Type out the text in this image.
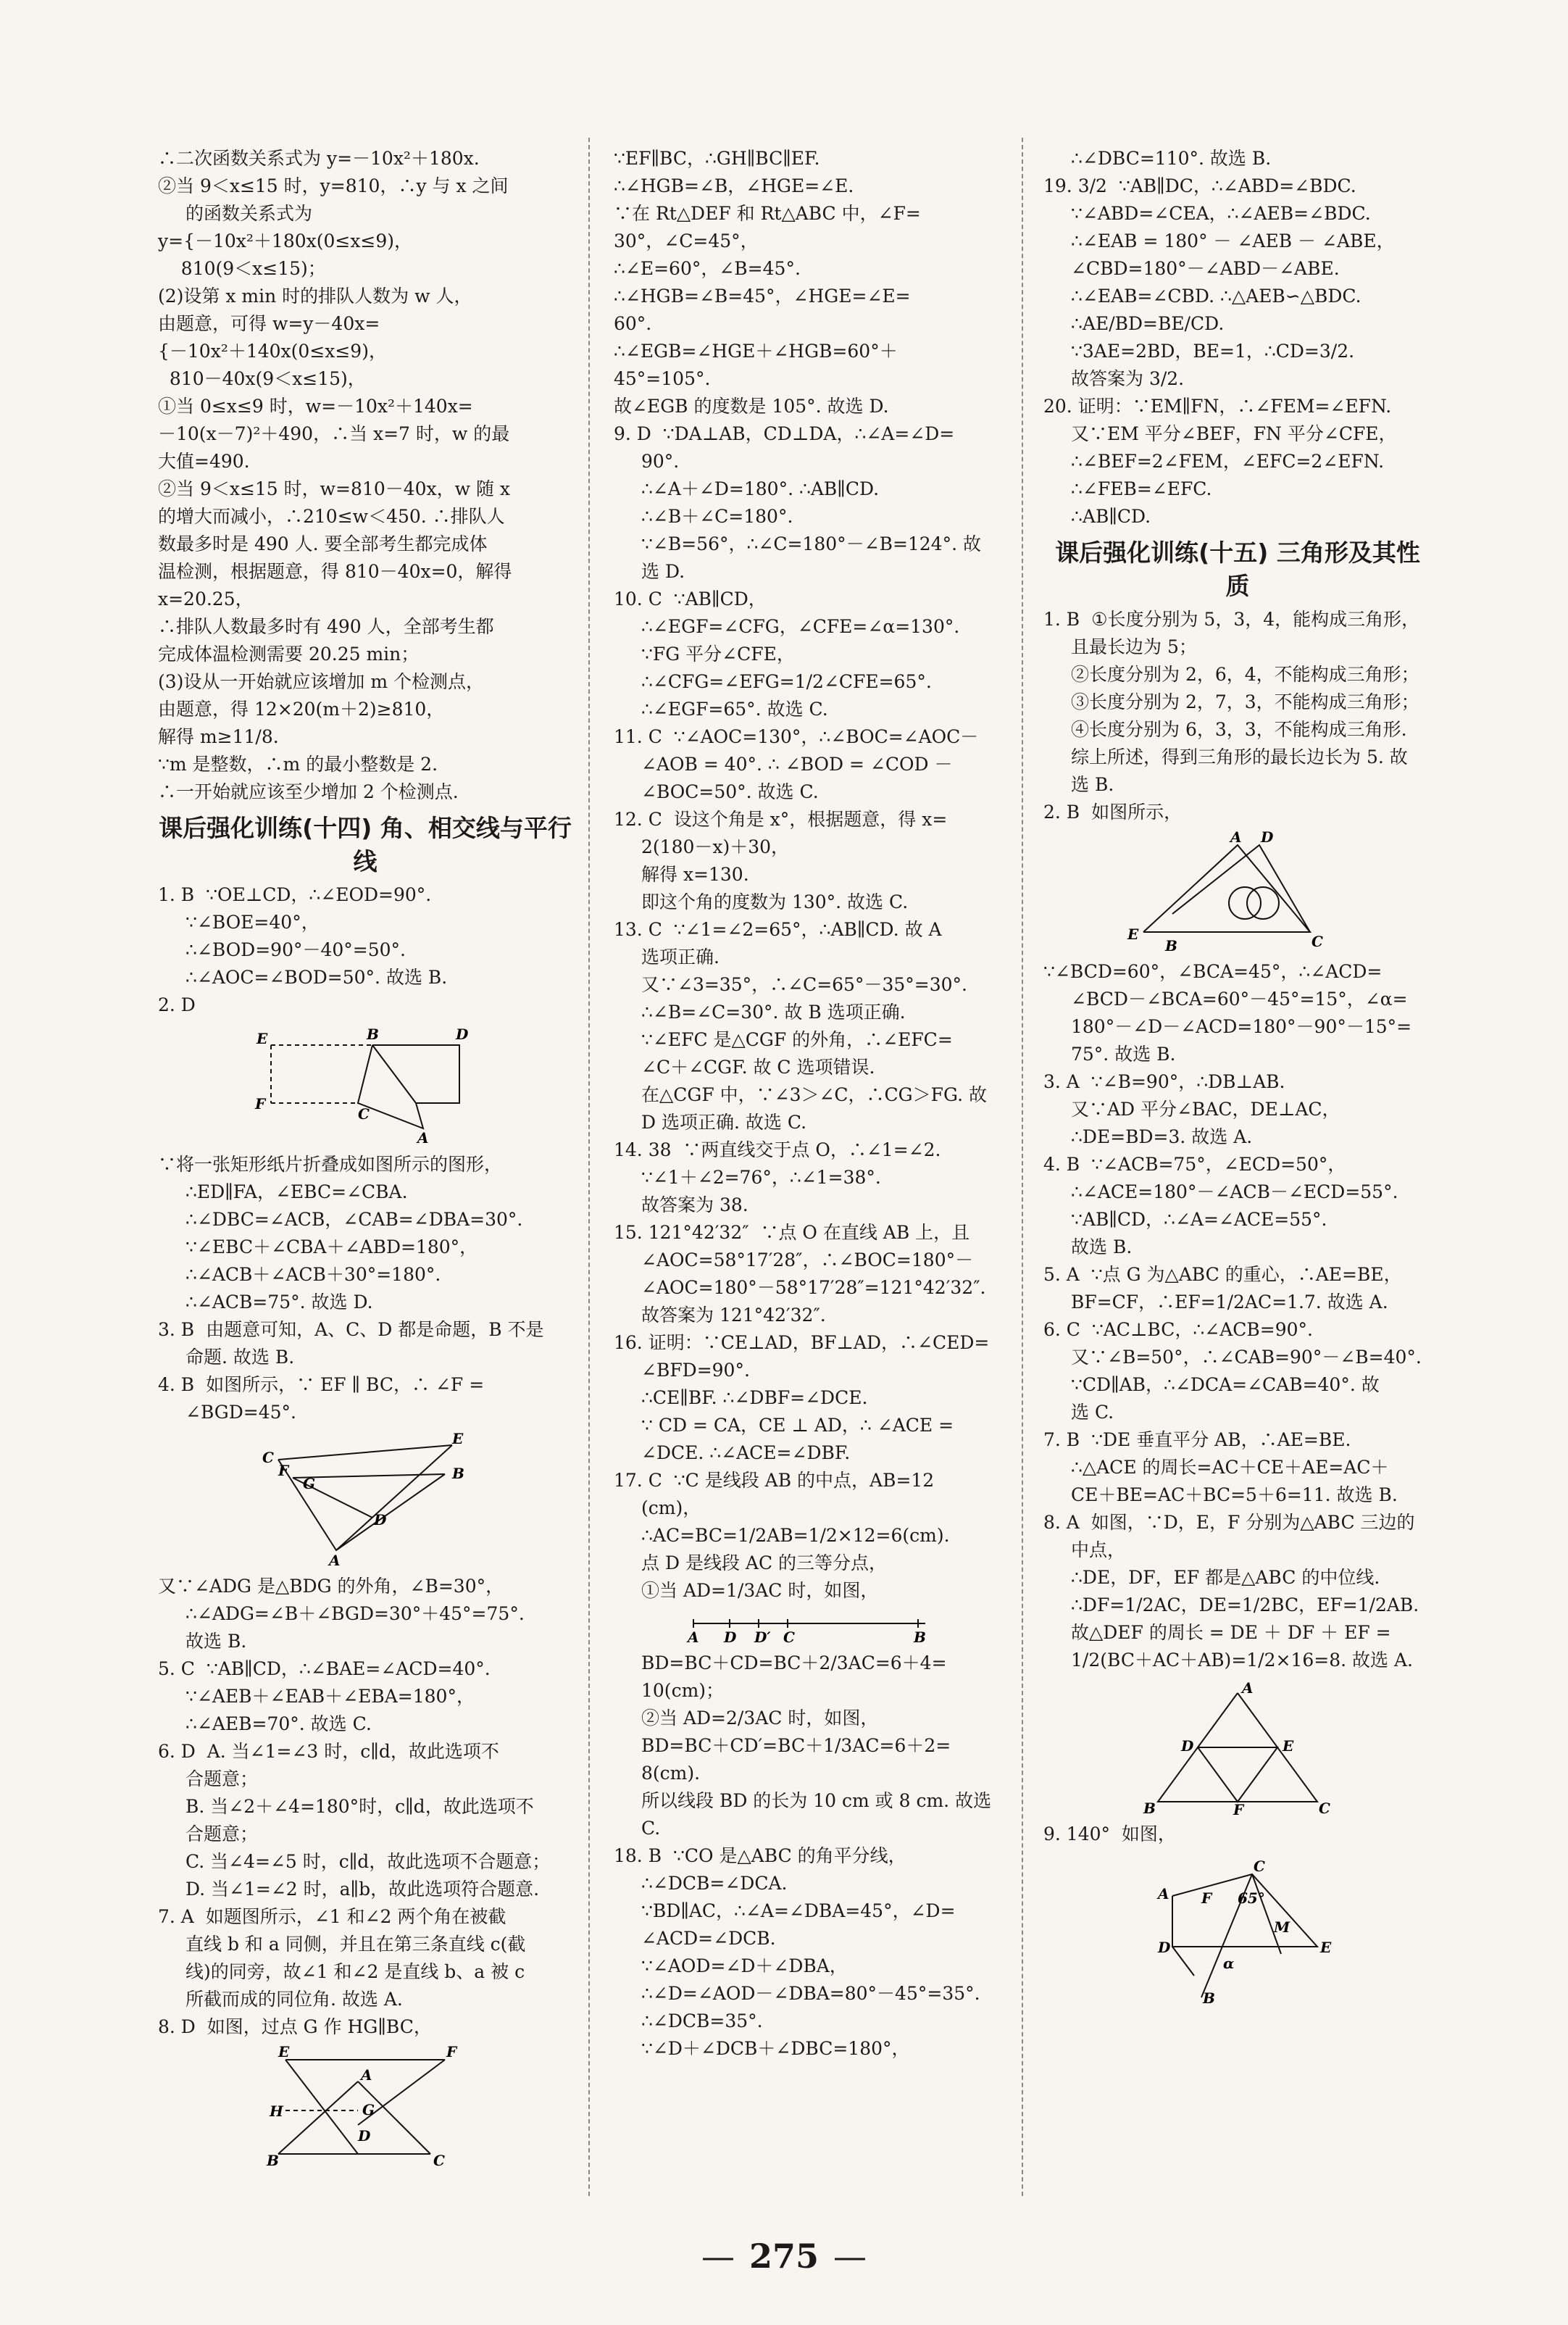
∴二次函数关系式为 y=－10x²＋180x.
②当 9＜x≤15 时，y=810，∴y 与 x 之间
的函数关系式为
y={－10x²＋180x(0≤x≤9)，
810(9＜x≤15)；
(2)设第 x min 时的排队人数为 w 人，
由题意，可得 w=y－40x=
{－10x²＋140x(0≤x≤9)，
810－40x(9＜x≤15)，
①当 0≤x≤9 时，w=－10x²＋140x=
－10(x－7)²＋490，∴当 x=7 时，w 的最
大值=490.
②当 9＜x≤15 时，w=810－40x，w 随 x
的增大而减小，∴210≤w＜450. ∴排队人
数最多时是 490 人. 要全部考生都完成体
温检测，根据题意，得 810－40x=0，解得
x=20.25，
∴排队人数最多时有 490 人，全部考生都
完成体温检测需要 20.25 min；
(3)设从一开始就应该增加 m 个检测点，
由题意，得 12×20(m＋2)≥810，
解得 m≥11/8.
∵m 是整数，∴m 的最小整数是 2.
∴一开始就应该至少增加 2 个检测点.
课后强化训练(十四) 角、相交线与平行线
1. B  ∵OE⊥CD，∴∠EOD=90°.
∵∠BOE=40°，
∴∠BOD=90°－40°=50°.
∴∠AOC=∠BOD=50°. 故选 B.
2. D
E	B	D
F
C
A
∵将一张矩形纸片折叠成如图所示的图形，
∴ED∥FA，∠EBC=∠CBA.
∴∠DBC=∠ACB，∠CAB=∠DBA=30°.
∵∠EBC＋∠CBA＋∠ABD=180°，
∴∠ACB＋∠ACB＋30°=180°.
∴∠ACB=75°. 故选 D.
3. B  由题意可知，A、C、D 都是命题，B 不是
命题. 故选 B.
4. B  如图所示，∵ EF ∥ BC，∴ ∠F =
∠BGD=45°.
C
E
F	B
G
D
A
又∵∠ADG 是△BDG 的外角，∠B=30°，
∴∠ADG=∠B＋∠BGD=30°＋45°=75°.
故选 B.
5. C  ∵AB∥CD，∴∠BAE=∠ACD=40°.
∵∠AEB＋∠EAB＋∠EBA=180°，
∴∠AEB=70°. 故选 C.
6. D  A. 当∠1=∠3 时，c∥d，故此选项不
合题意；
B. 当∠2＋∠4=180°时，c∥d，故此选项不
合题意；
C. 当∠4=∠5 时，c∥d，故此选项不合题意；
D. 当∠1=∠2 时，a∥b，故此选项符合题意.
7. A  如题图所示，∠1 和∠2 两个角在被截
直线 b 和 a 同侧，并且在第三条直线 c(截
线)的同旁，故∠1 和∠2 是直线 b、a 被 c
所截而成的同位角. 故选 A.
8. D  如图，过点 G 作 HG∥BC，
E	F
A
H	G
D
B	C
∵EF∥BC，∴GH∥BC∥EF.
∴∠HGB=∠B，∠HGE=∠E.
∵在 Rt△DEF 和 Rt△ABC 中，∠F=
30°，∠C=45°，
∴∠E=60°，∠B=45°.
∴∠HGB=∠B=45°，∠HGE=∠E=
60°.
∴∠EGB=∠HGE＋∠HGB=60°＋
45°=105°.
故∠EGB 的度数是 105°. 故选 D.
9. D  ∵DA⊥AB，CD⊥DA，∴∠A=∠D=
90°.
∴∠A＋∠D=180°. ∴AB∥CD.
∴∠B＋∠C=180°.
∵∠B=56°，∴∠C=180°－∠B=124°. 故
选 D.
10. C  ∵AB∥CD，
∴∠EGF=∠CFG，∠CFE=∠α=130°.
∵FG 平分∠CFE，
∴∠CFG=∠EFG=1/2∠CFE=65°.
∴∠EGF=65°. 故选 C.
11. C  ∵∠AOC=130°，∴∠BOC=∠AOC－
∠AOB = 40°. ∴ ∠BOD = ∠COD －
∠BOC=50°. 故选 C.
12. C  设这个角是 x°，根据题意，得 x=
2(180－x)＋30，
解得 x=130.
即这个角的度数为 130°. 故选 C.
13. C  ∵∠1=∠2=65°，∴AB∥CD. 故 A
选项正确.
又∵∠3=35°，∴∠C=65°－35°=30°.
∴∠B=∠C=30°. 故 B 选项正确.
∵∠EFC 是△CGF 的外角，∴∠EFC=
∠C＋∠CGF. 故 C 选项错误.
在△CGF 中，∵∠3＞∠C，∴CG＞FG. 故
D 选项正确. 故选 C.
14. 38  ∵两直线交于点 O，∴∠1=∠2.
∵∠1＋∠2=76°，∴∠1=38°.
故答案为 38.
15. 121°42′32″  ∵点 O 在直线 AB 上，且
∠AOC=58°17′28″，∴∠BOC=180°－
∠AOC=180°－58°17′28″=121°42′32″.
故答案为 121°42′32″.
16. 证明：∵CE⊥AD，BF⊥AD，∴∠CED=
∠BFD=90°.
∴CE∥BF. ∴∠DBF=∠DCE.
∵ CD = CA，CE ⊥ AD，∴ ∠ACE =
∠DCE. ∴∠ACE=∠DBF.
17. C  ∵C 是线段 AB 的中点，AB=12
(cm)，
∴AC=BC=1/2AB=1/2×12=6(cm).
点 D 是线段 AC 的三等分点，
①当 AD=1/3AC 时，如图，
A D D′ C	B
BD=BC＋CD=BC＋2/3AC=6＋4=
10(cm)；
②当 AD=2/3AC 时，如图，
BD=BC＋CD′=BC＋1/3AC=6＋2=
8(cm).
所以线段 BD 的长为 10 cm 或 8 cm. 故选 C.
18. B  ∵CO 是△ABC 的角平分线，
∴∠DCB=∠DCA.
∵BD∥AC，∴∠A=∠DBA=45°，∠D=
∠ACD=∠DCB.
∵∠AOD=∠D＋∠DBA，
∴∠D=∠AOD－∠DBA=80°－45°=35°.
∴∠DCB=35°.
∵∠D＋∠DCB＋∠DBC=180°，
∴∠DBC=110°. 故选 B.
19. 3/2  ∵AB∥DC，∴∠ABD=∠BDC.
∵∠ABD=∠CEA，∴∠AEB=∠BDC.
∴∠EAB = 180° － ∠AEB － ∠ABE，
∠CBD=180°－∠ABD－∠ABE.
∴∠EAB=∠CBD. ∴△AEB∽△BDC.
∴AE/BD=BE/CD.
∵3AE=2BD，BE=1，∴CD=3/2.
故答案为 3/2.
20. 证明：∵EM∥FN，∴∠FEM=∠EFN.
又∵EM 平分∠BEF，FN 平分∠CFE，
∴∠BEF=2∠FEM，∠EFC=2∠EFN.
∴∠FEB=∠EFC.
∴AB∥CD.
课后强化训练(十五) 三角形及其性质
1. B  ①长度分别为 5，3，4，能构成三角形，
且最长边为 5；
②长度分别为 2，6，4，不能构成三角形；
③长度分别为 2，7，3，不能构成三角形；
④长度分别为 6，3，3，不能构成三角形.
综上所述，得到三角形的最长边长为 5. 故
选 B.
2. B  如图所示，
A D
E
B	C
∵∠BCD=60°，∠BCA=45°，∴∠ACD=
∠BCD－∠BCA=60°－45°=15°，∠α=
180°－∠D－∠ACD=180°－90°－15°=
75°. 故选 B.
3. A  ∵∠B=90°，∴DB⊥AB.
又∵AD 平分∠BAC，DE⊥AC，
∴DE=BD=3. 故选 A.
4. B  ∵∠ACB=75°，∠ECD=50°，
∴∠ACE=180°－∠ACB－∠ECD=55°.
∵AB∥CD，∴∠A=∠ACE=55°.
故选 B.
5. A  ∵点 G 为△ABC 的重心，∴AE=BE，
BF=CF，∴EF=1/2AC=1.7. 故选 A.
6. C  ∵AC⊥BC，∴∠ACB=90°.
又∵∠B=50°，∴∠CAB=90°－∠B=40°.
∵CD∥AB，∴∠DCA=∠CAB=40°. 故
选 C.
7. B  ∵DE 垂直平分 AB，∴AE=BE.
∴△ACE 的周长=AC＋CE＋AE=AC＋
CE＋BE=AC＋BC=5＋6=11. 故选 B.
8. A  如图，∵D，E，F 分别为△ABC 三边的
中点，
∴DE，DF，EF 都是△ABC 的中位线.
∴DF=1/2AC，DE=1/2BC，EF=1/2AB.
故△DEF 的周长 = DE ＋ DF ＋ EF =
1/2(BC＋AC＋AB)=1/2×16=8. 故选 A.
A
D	E
B	F	C
9. 140°  如图，
C
A F 65°
M
D	E
α
B
— 275 —
